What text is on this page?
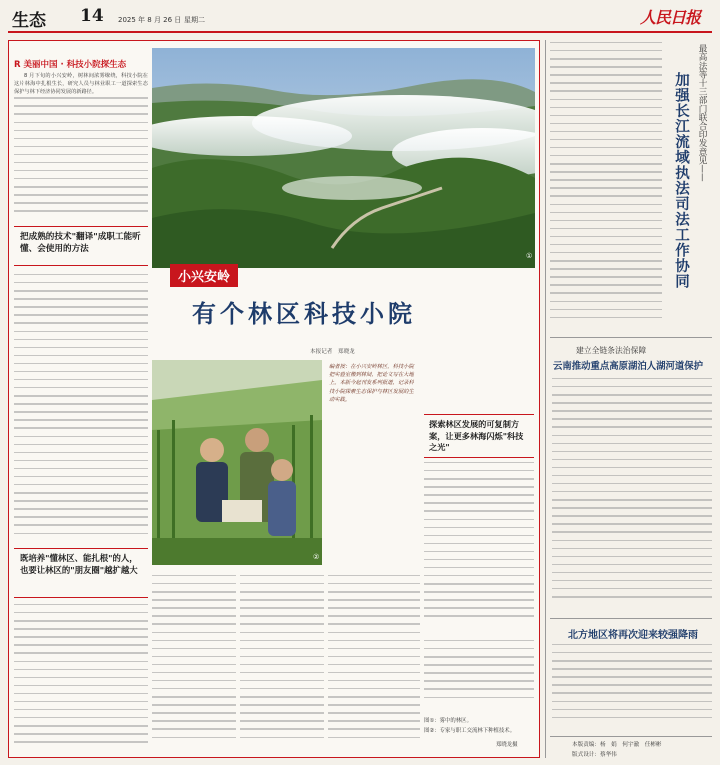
生态 14 2025 年 8 月 26 日 星期二	人民日报
R 美丽中国 · 科技小院探生态

8 月下旬的小兴安岭，树林间浓雾缭绕，科技小院在这片林海中扎根生长，研究人员与林业职工一道探索生态保护与林下经济协同发展的新路径。

把成熟的技术"翻译"成职工能听懂、会使用的方法
既培养"懂林区、能扎根"的人，也要让林区的"朋友圈"越扩越大
小兴安岭
有个林区科技小院
本报记者　郑晓龙
①
②
编者按：在小兴安岭林区，科技小院把实验室搬到林间，把论文写在大地上。本版今起刊发系列报道，记录科技小院探索生态保护与林区发展的生动实践。
探索林区发展的可复制方案，让更多林海闪烁"科技之光"
图①：雾中的林区。
图②：专家与职工交流林下种植技术。
郑晓龙摄
最高法等十三部门联合印发意见——
加强长江流域执法司法工作协同
建立全链条法治保障
云南推动重点高原湖泊人湖河道保护
北方地区将再次迎来较强降雨
本版责编：杨　娟　何宇澈　任彬彬
版式设计：蔡华伟
